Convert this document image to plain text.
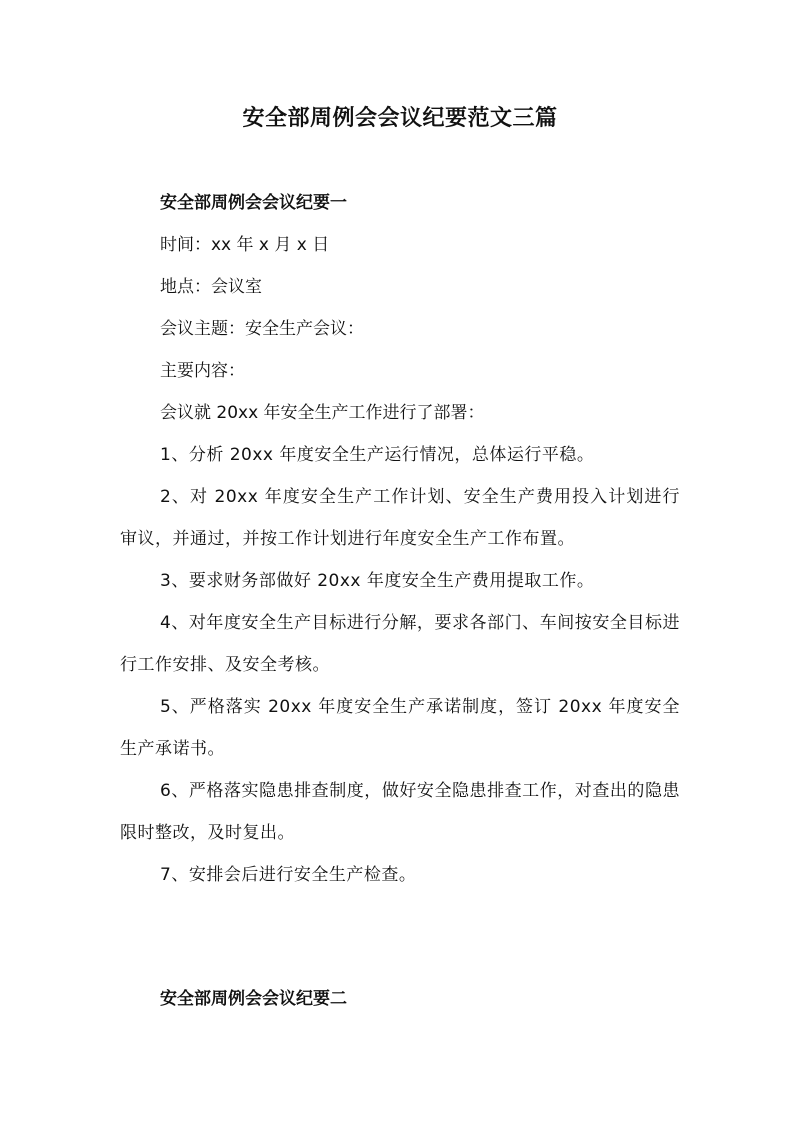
安全部周例会会议纪要范文三篇
安全部周例会会议纪要一
时间：xx 年 x 月 x 日
地点：会议室
会议主题：安全生产会议：
主要内容：
会议就 20xx 年安全生产工作进行了部署：
1、分析 20xx 年度安全生产运行情况，总体运行平稳。
2、对 20xx 年度安全生产工作计划、安全生产费用投入计划进行审议，并通过，并按工作计划进行年度安全生产工作布置。
3、要求财务部做好 20xx 年度安全生产费用提取工作。
4、对年度安全生产目标进行分解，要求各部门、车间按安全目标进行工作安排、及安全考核。
5、严格落实 20xx 年度安全生产承诺制度，签订 20xx 年度安全生产承诺书。
6、严格落实隐患排查制度，做好安全隐患排查工作，对查出的隐患限时整改，及时复出。
7、安排会后进行安全生产检查。
安全部周例会会议纪要二
